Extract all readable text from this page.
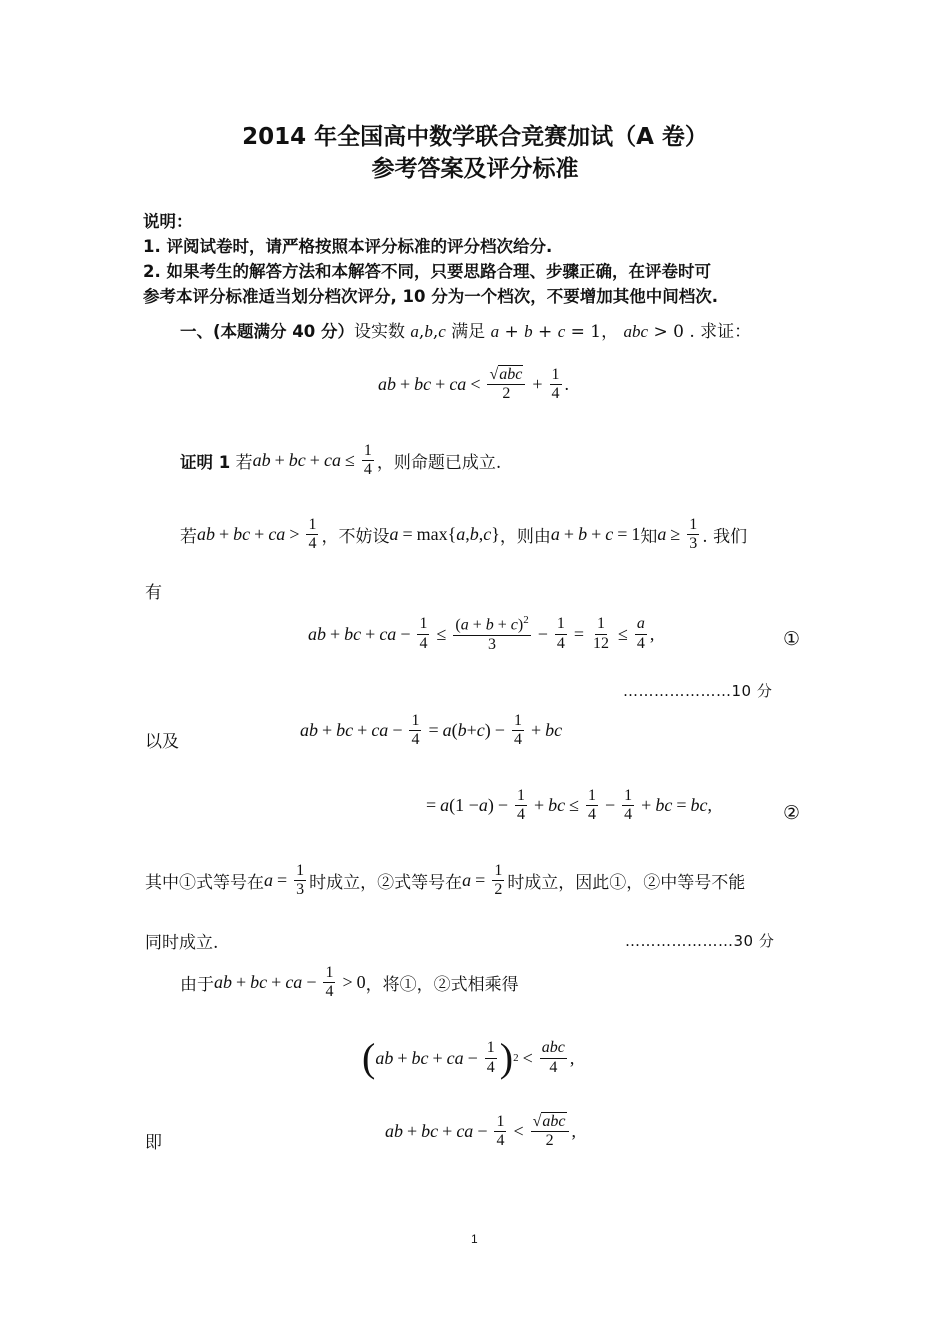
2014 年全国高中数学联合竞赛加试（A 卷）
参考答案及评分标准
说明：
1. 评阅试卷时，请严格按照本评分标准的评分档次给分.
2. 如果考生的解答方法和本解答不同，只要思路合理、步骤正确，在评卷时可
参考本评分标准适当划分档次评分, 10 分为一个档次，不要增加其他中间档次.
一、(本题满分 40 分）设实数 a,b,c 满足 a + b + c = 1， abc > 0 . 求证：
ab + bc + ca < $\frac{\text{√abc}}{2} + \frac{1}{4}$ .
证明 1
若 ab + bc + ca ≤ $\frac{1}{4}$ ，则命题已成立.
若 ab + bc + ca > $\frac{1}{4}$ ，不妨设 a = max{ a , b , c } ，则由 a + b + c = 1 知 $a \ge \frac{1}{3}$ . 我们
有
ab + bc + ca − $\frac{1}{4} \le \frac{(a + b + c)^2}{3} - \frac{1}{4} = \frac{1}{12} \le \frac{a}{4}$ ,	①
…………………10 分
以及
ab + bc + ca − $\frac{1}{4} = a$ ( b + c ) − $\frac{1}{4}$ + bc
= a (1 − a ) − $\frac{1}{4}$ + bc ≤ $\frac{1}{4} - \frac{1}{4}$ + bc = bc ,	②
其中①式等号在 $a = \frac{1}{3}$ 时成立，②式等号在 $a = \frac{1}{2}$ 时成立，因此①，②中等号不能
同时成立.	…………………30 分
由于 ab + bc + ca − $\frac{1}{4} > 0$ ，将①，②式相乘得
( ab + bc + ca − $\frac{1}{4}$ ) $2 < \frac{\text{abc}}{4}$ ,
即
ab + bc + ca − $\frac{1}{4} < \frac{\text{√abc}}{2}$ ,
1
